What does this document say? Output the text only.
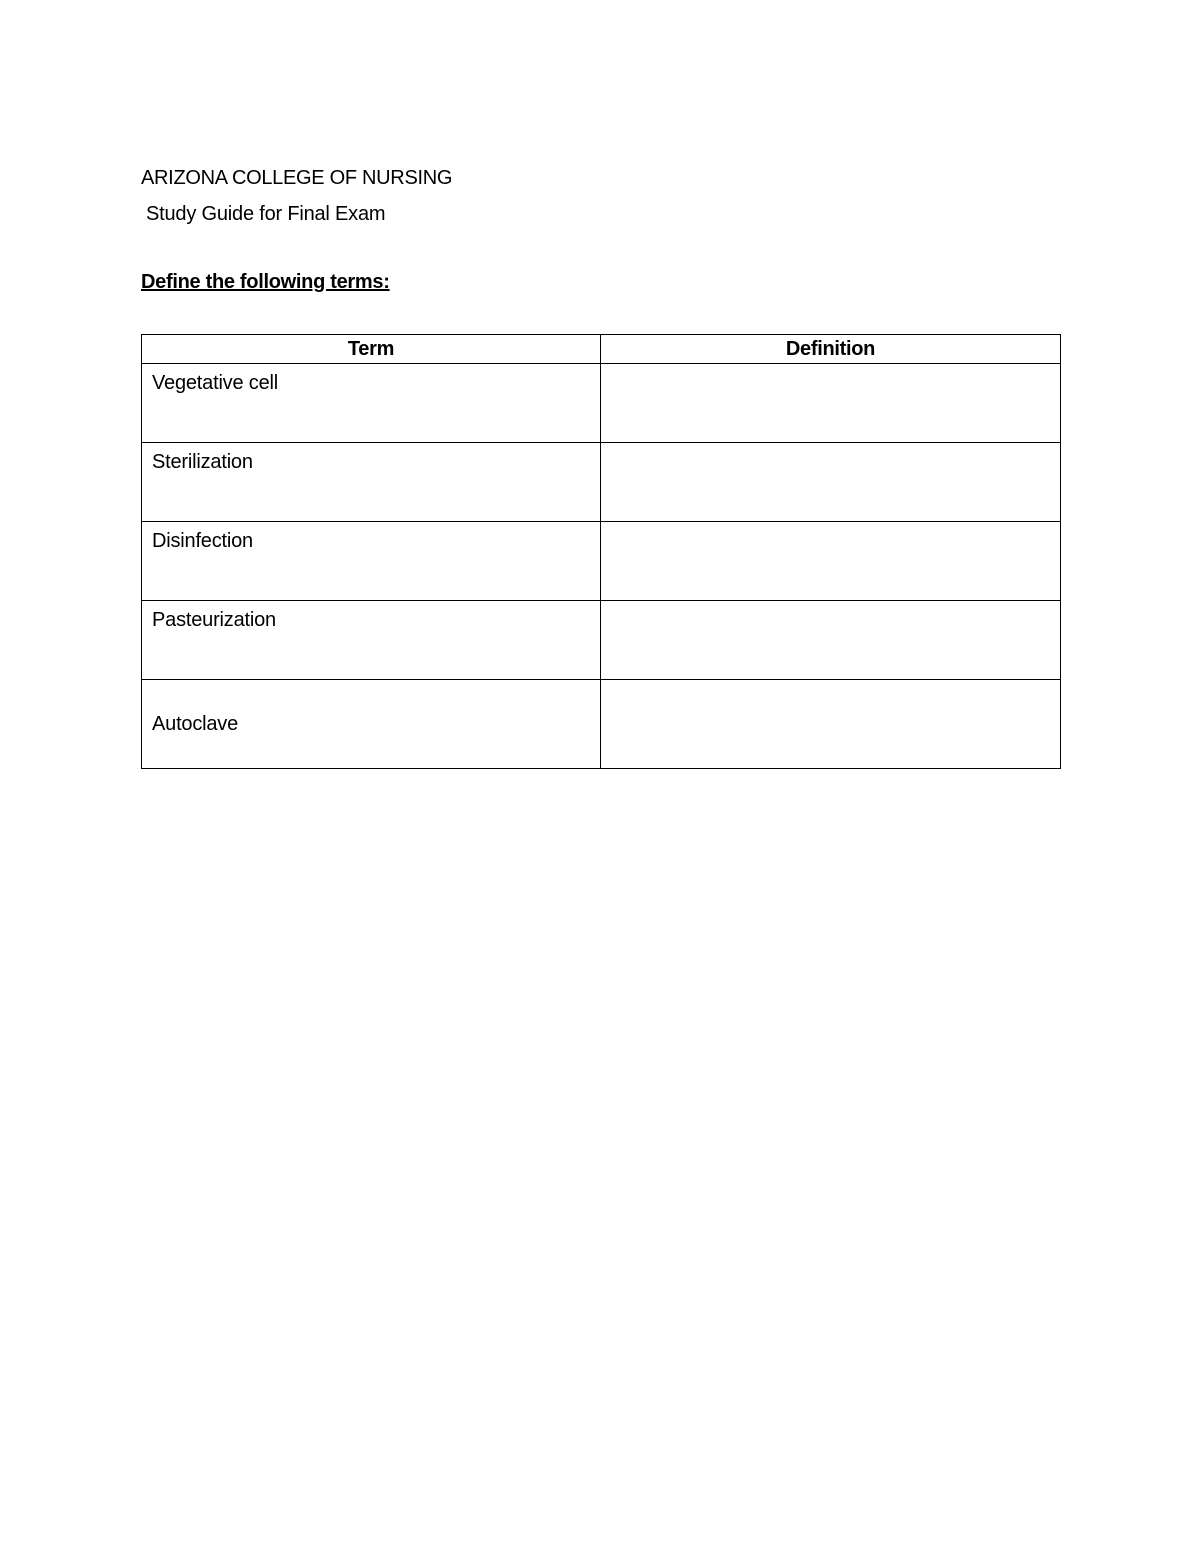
ARIZONA COLLEGE OF NURSING
Study Guide for Final Exam
Define the following terms:
Term	Definition
Vegetative cell	
Sterilization	
Disinfection	
Pasteurization	
Autoclave	
